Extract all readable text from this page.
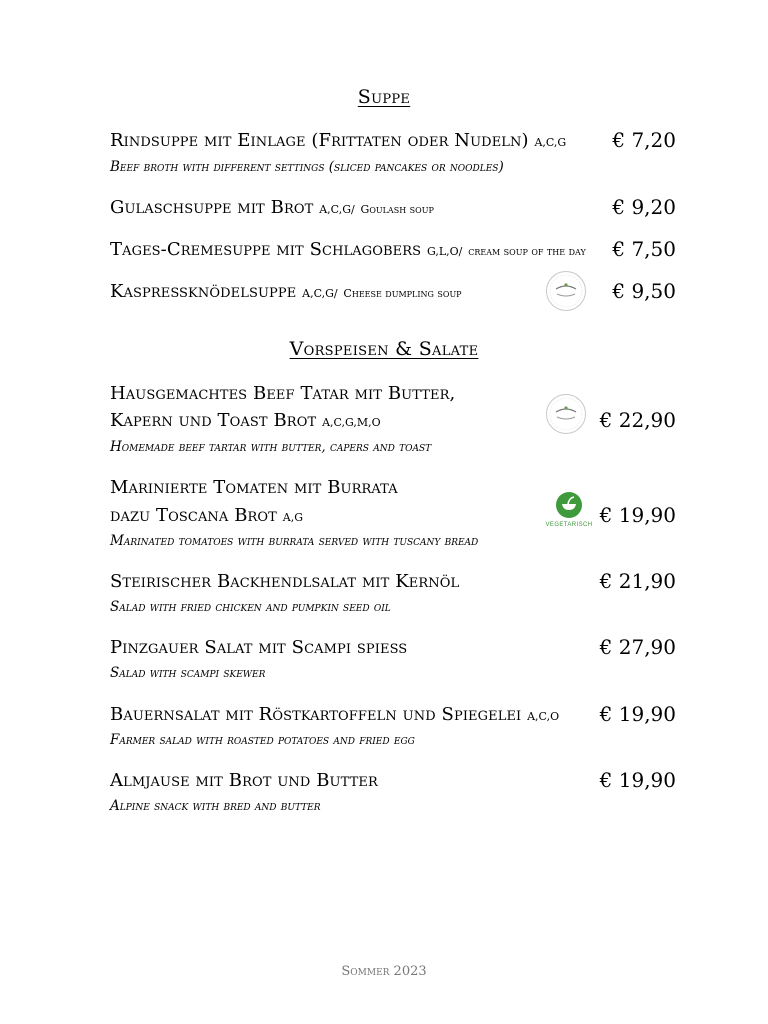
Suppe
Rindsuppe mit Einlage (Frittaten oder Nudeln) A,C,G € 7,20
Beef broth with different settings (sliced pancakes or noodles)
Gulaschsuppe mit Brot A,C,G/ Goulash soup	€ 9,20
Tages-Cremesuppe mit Schlagobers G,L,O/ cream soup of the day € 7,50
Kaspreßknödelsuppe A,C,G/ Cheese dumpling soup	€ 9,50
Vorspeisen & Salate
Hausgemachtes Beef Tatar mit Butter,
Kapern und Toast Brot A,C,G,M,O	€ 22,90
Homemade beef tartar with butter, capers and toast
Marinierte Tomaten mit Burrata
dazu Toscana Brot A,G
VEGETARISCH € 19,90
Marinated tomatoes with burrata served with tuscany bread
Steirischer Backhendlsalat mit Kernöl	€ 21,90
Salad with fried chicken and pumpkin seed oil
Pinzgauer Salat mit Scampi spieß	€ 27,90
Salad with scampi skewer
Bauernsalat mit Röstkartoffeln und Spiegelei A,C,O € 19,90
Farmer salad with roasted potatoes and fried egg
Almjause mit Brot und Butter	€ 19,90
Alpine snack with bred and butter
Sommer 2023
